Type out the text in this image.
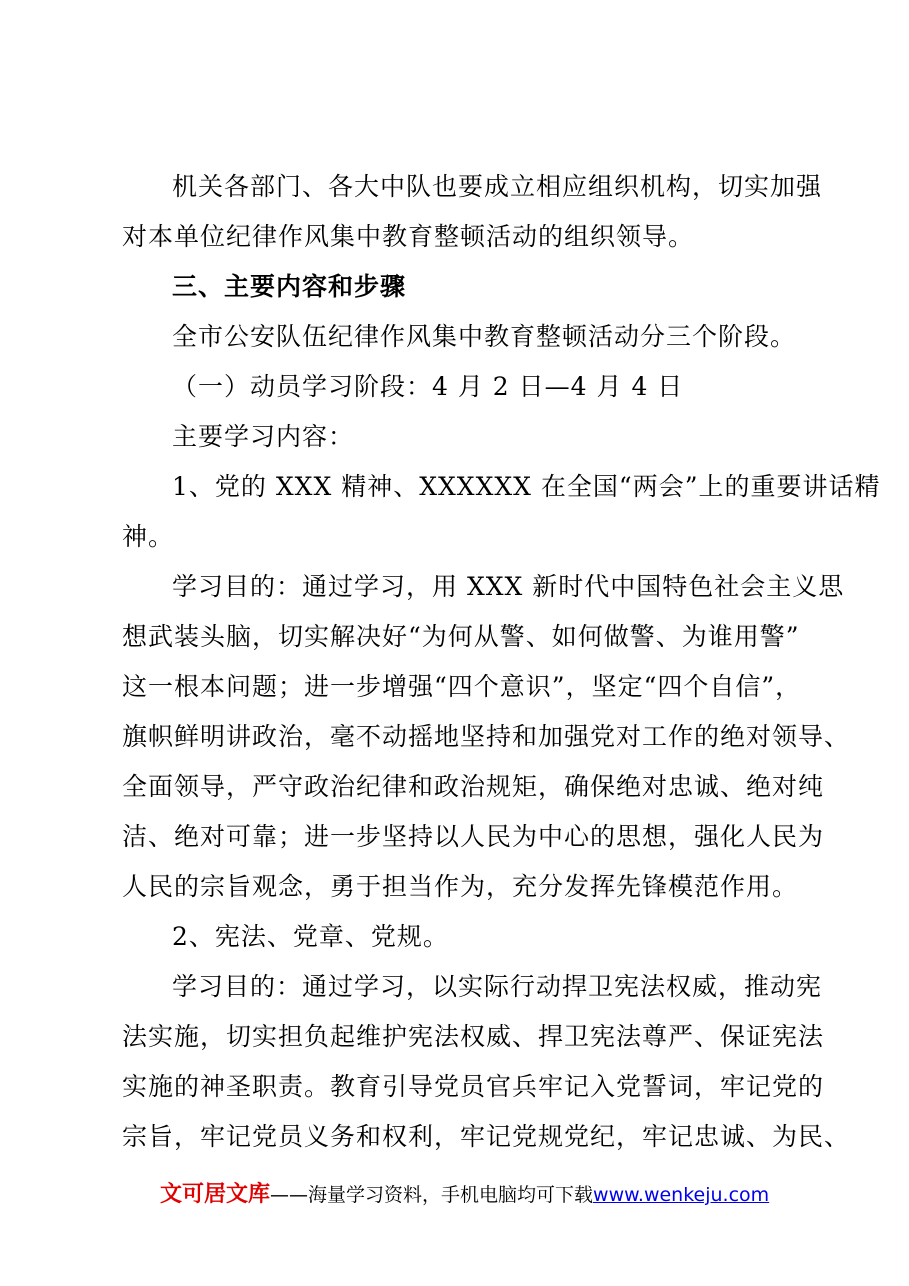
机关各部门、各大中队也要成立相应组织机构，切实加强
对本单位纪律作风集中教育整顿活动的组织领导。
三、主要内容和步骤
全市公安队伍纪律作风集中教育整顿活动分三个阶段。
（一）动员学习阶段：4 月 2 日—4 月 4 日
主要学习内容：
1、党的 XXX 精神、XXXXXX 在全国“两会”上的重要讲话精
神。
学习目的：通过学习，用 XXX 新时代中国特色社会主义思
想武装头脑，切实解决好“为何从警、如何做警、为谁用警”
这一根本问题；进一步增强“四个意识”，坚定“四个自信”，
旗帜鲜明讲政治，毫不动摇地坚持和加强党对工作的绝对领导、
全面领导，严守政治纪律和政治规矩，确保绝对忠诚、绝对纯
洁、绝对可靠；进一步坚持以人民为中心的思想，强化人民为
人民的宗旨观念，勇于担当作为，充分发挥先锋模范作用。
2、宪法、党章、党规。
学习目的：通过学习，以实际行动捍卫宪法权威，推动宪
法实施，切实担负起维护宪法权威、捍卫宪法尊严、保证宪法
实施的神圣职责。教育引导党员官兵牢记入党誓词，牢记党的
宗旨，牢记党员义务和权利，牢记党规党纪，牢记忠诚、为民、
文可居文库——海量学习资料，手机电脑均可下载www.wenkeju.com
